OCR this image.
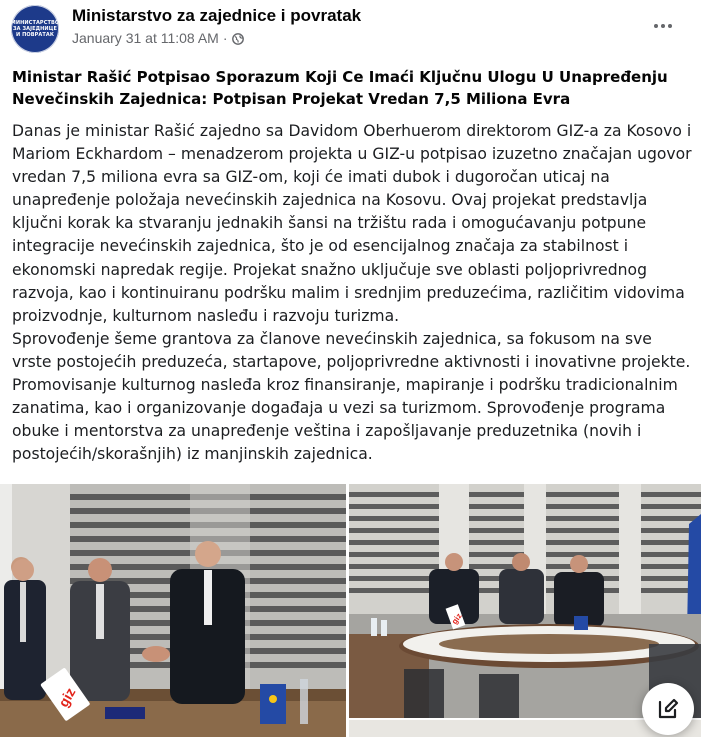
МИНИСТАРСТВО
ЗА ЗАЈЕДНИЦЕ
И ПОВРАТАК
Ministarstvo za zajednice i povratak
January 31 at 11:08 AM ·
Ministar Rašić Potpisao Sporazum Koji Ce Imaći Ključnu Ulogu U Unapređenju Nevečinskih Zajednica: Potpisan Projekat Vredan 7,5 Miliona Evra
Danas je ministar Rašić zajedno sa Davidom Oberhuerom direktorom GIZ-a za Kosovo i Mariom Eckhardom – menadzerom projekta u GIZ-u potpisao izuzetno značajan ugovor vredan 7,5 miliona evra sa GIZ-om, koji će imati dubok i dugoročan uticaj na unapređenje položaja nevećinskih zajednica na Kosovu. Ovaj projekat predstavlja ključni korak ka stvaranju jednakih šansi na tržištu rada i omogućavanju potpune integracije nevećinskih zajednica, što je od esencijalnog značaja za stabilnost i ekonomski napredak regije. Projekat snažno uključuje sve oblasti poljoprivrednog razvoja, kao i kontinuiranu podršku malim i srednjim preduzećima, različitim vidovima proizvodnje, kulturnom nasleđu i razvoju turizma.
Sprovođenje šeme grantova za članove nevećinskih zajednica, sa fokusom na sve vrste postojećih preduzeća, startapove, poljoprivredne aktivnosti i inovativne projekte. Promovisanje kulturnog nasleđa kroz finansiranje, mapiranje i podršku tradicionalnim zanatima, kao i organizovanje događaja u vezi sa turizmom. Sprovođenje programa obuke i mentorstva za unapređenje veština i zapošljavanje preduzetnika (novih i postojećih/skorašnjih) iz manjinskih zajednica.
giz
giz
